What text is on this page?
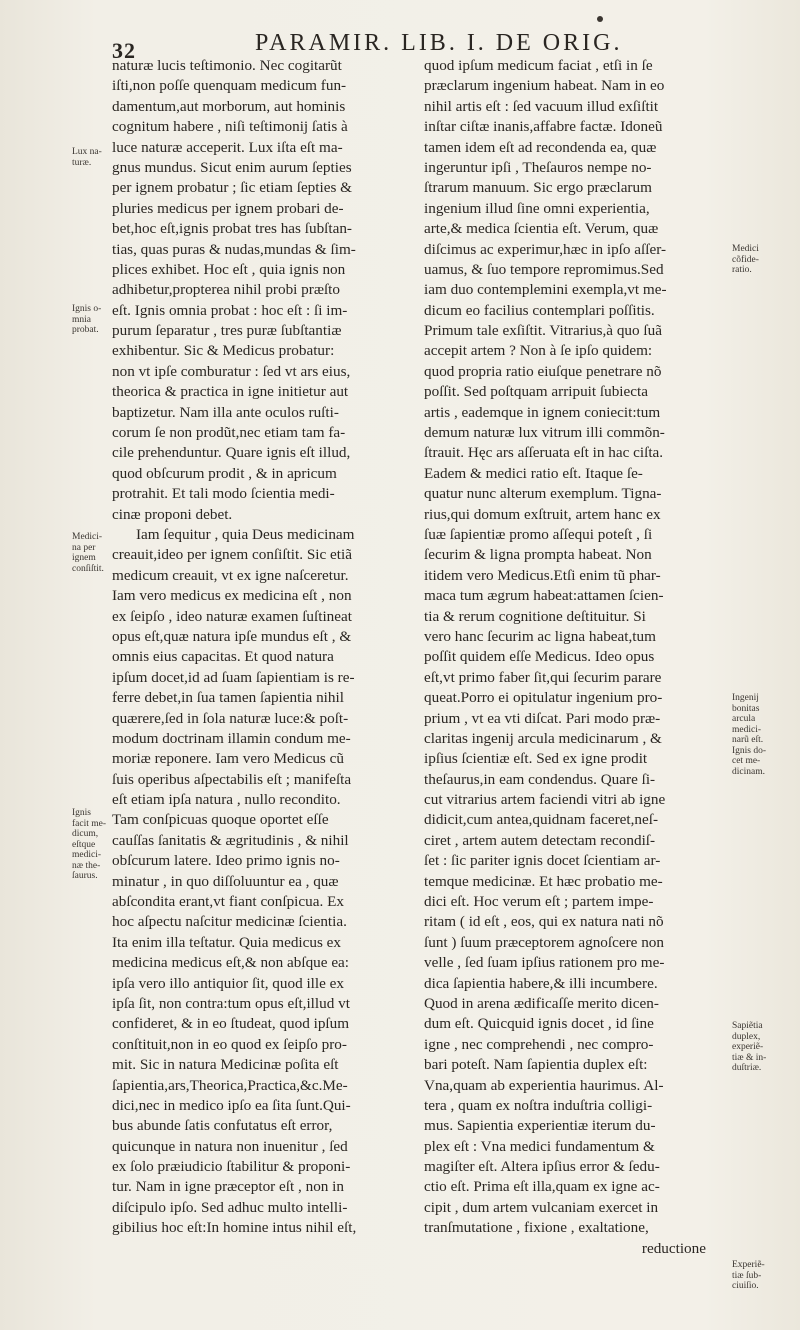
32	PARAMIR. LIB. I. DE ORIG.
naturæ lucis teſtimonio. Nec cogitarũt
iſti,non poſſe quenquam medicum fun-
damentum,aut morborum, aut hominis
cognitum habere , niſi teſtimonij ſatis à
luce naturæ acceperit. Lux iſta eſt ma-
gnus mundus. Sicut enim aurum ſepties
per ignem probatur ; ſic etiam ſepties &
pluries medicus per ignem probari de-
bet,hoc eſt,ignis probat tres has ſubſtan-
tias, quas puras & nudas,mundas & ſim-
plices exhibet. Hoc eſt , quia ignis non
adhibetur,propterea nihil probi præſto
eſt. Ignis omnia probat : hoc eſt : ſi im-
purum ſeparatur , tres puræ ſubſtantiæ
exhibentur. Sic & Medicus probatur:
non vt ipſe comburatur : ſed vt ars eius,
theorica & practica in igne initietur aut
baptizetur. Nam illa ante oculos ruſti-
corum ſe non prodũt,nec etiam tam fa-
cile prehenduntur. Quare ignis eſt illud,
quod obſcurum prodit , & in apricum
protrahit. Et tali modo ſcientia medi-
cinæ proponi debet.
Iam ſequitur , quia Deus medicinam
creauit,ideo per ignem conſiſtit. Sic etiã
medicum creauit, vt ex igne naſceretur.
Iam vero medicus ex medicina eſt , non
ex ſeipſo , ideo naturæ examen ſuſtineat
opus eſt,quæ natura ipſe mundus eſt , &
omnis eius capacitas. Et quod natura
ipſum docet,id ad ſuam ſapientiam is re-
ferre debet,in ſua tamen ſapientia nihil
quærere,ſed in ſola naturæ luce:& poſt-
modum doctrinam illamin condum me-
moriæ reponere. Iam vero Medicus cũ
ſuis operibus aſpectabilis eſt ; manifeſta
eſt etiam ipſa natura , nullo recondito.
Tam conſpicuas quoque oportet eſſe
cauſſas ſanitatis & ægritudinis , & nihil
obſcurum latere. Ideo primo ignis no-
minatur , in quo diſſoluuntur ea , quæ
abſcondita erant,vt fiant conſpicua. Ex
hoc aſpectu naſcitur medicinæ ſcientia.
Ita enim illa teſtatur. Quia medicus ex
medicina medicus eſt,& non abſque ea:
ipſa vero illo antiquior ſit, quod ille ex
ipſa ſit, non contra:tum opus eſt,illud vt
confideret, & in eo ſtudeat, quod ipſum
conſtituit,non in eo quod ex ſeipſo pro-
mit. Sic in natura Medicinæ poſita eſt
ſapientia,ars,Theorica,Practica,&c.Me-
dici,nec in medico ipſo ea ſita ſunt.Qui-
bus abunde ſatis confutatus eſt error,
quicunque in natura non inuenitur , ſed
ex ſolo præiudicio ſtabilitur & proponi-
tur. Nam in igne præceptor eſt , non in
diſcipulo ipſo. Sed adhuc multo intelli-
gibilius hoc eſt:In homine intus nihil eſt,
quod ipſum medicum faciat , etſi in ſe
præclarum ingenium habeat. Nam in eo
nihil artis eſt : ſed vacuum illud exſiſtit
inſtar ciſtæ inanis,affabre factæ. Idoneũ
tamen idem eſt ad recondenda ea, quæ
ingeruntur ipſi , Theſauros nempe no-
ſtrarum manuum. Sic ergo præclarum
ingenium illud ſine omni experientia,
arte,& medica ſcientia eſt. Verum, quæ
diſcimus ac experimur,hæc in ipſo aſſer-
uamus, & ſuo tempore repromimus.Sed
iam duo contemplemini exempla,vt me-
dicum eo facilius contemplari poſſitis.
Primum tale exſiſtit. Vitrarius,à quo ſuã
accepit artem ? Non à ſe ipſo quidem:
quod propria ratio eiuſque penetrare nõ
poſſit. Sed poſtquam arripuit ſubiecta
artis , eademque in ignem coniecit:tum
demum naturæ lux vitrum illi commõn-
ſtrauit. Hęc ars aſſeruata eſt in hac ciſta.
Eadem & medici ratio eſt. Itaque ſe-
quatur nunc alterum exemplum. Tigna-
rius,qui domum exſtruit, artem hanc ex
ſuæ ſapientiæ promo aſſequi poteſt , ſi
ſecurim & ligna prompta habeat. Non
itidem vero Medicus.Etſi enim tũ phar-
maca tum ægrum habeat:attamen ſcien-
tia & rerum cognitione deſtituitur. Si
vero hanc ſecurim ac ligna habeat,tum
poſſit quidem eſſe Medicus. Ideo opus
eſt,vt primo faber ſit,qui ſecurim parare
queat.Porro ei opitulatur ingenium pro-
prium , vt ea vti diſcat. Pari modo præ-
claritas ingenij arcula medicinarum , &
ipſius ſcientiæ eſt. Sed ex igne prodit
theſaurus,in eam condendus. Quare ſi-
cut vitrarius artem faciendi vitri ab igne
didicit,cum antea,quidnam faceret,neſ-
ciret , artem autem detectam recondiſ-
ſet : ſic pariter ignis docet ſcientiam ar-
temque medicinæ. Et hæc probatio me-
dici eſt. Hoc verum eſt ; partem impe-
ritam ( id eſt , eos, qui ex natura nati nõ
ſunt ) ſuum præceptorem agnoſcere non
velle , ſed ſuam ipſius rationem pro me-
dica ſapientia habere,& illi incumbere.
Quod in arena ædificaſſe merito dicen-
dum eſt. Quicquid ignis docet , id ſine
igne , nec comprehendi , nec compro-
bari poteſt. Nam ſapientia duplex eſt:
Vna,quam ab experientia haurimus. Al-
tera , quam ex noſtra induſtria colligi-
mus. Sapientia experientiæ iterum du-
plex eſt : Vna medici fundamentum &
magiſter eſt. Altera ipſius error & ſedu-
ctio eſt. Prima eſt illa,quam ex igne ac-
cipit , dum artem vulcaniam exercet in
tranſmutatione , fixione , exaltatione,
reductione
Lux na-
turæ.
Ignis o-
mnia
probat.
Medici-
na per
ignem
conſiſtit.
Ignis
facit me-
dicum,
eſtque
medici-
næ the-
ſaurus.
Medici
cõfide-
ratio.
Ingenij
bonitas
arcula
medici-
narũ eſt.
Ignis do-
cet me-
dicinam.
Sapiẽtia
duplex,
experiẽ-
tiæ & in-
duſtriæ.
Experiẽ-
tiæ ſub-
ciuiſio.
